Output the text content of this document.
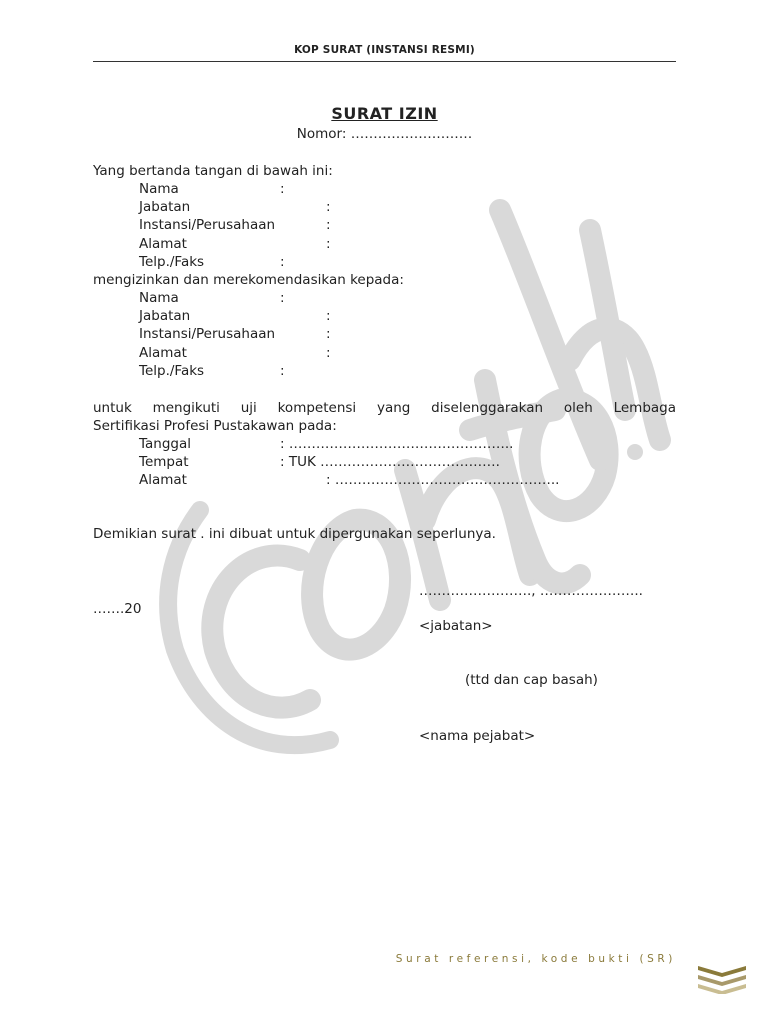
KOP SURAT (INSTANSI RESMI)
SURAT IZIN
Nomor: ………………………
Yang bertanda tangan di bawah ini:
Nama	:
Jabatan	:
Instansi/Perusahaan	:
Alamat	:
Telp./Faks	:
mengizinkan dan merekomendasikan kepada:
Nama	:
Jabatan	:
Instansi/Perusahaan	:
Alamat	:
Telp./Faks	:
untuk mengikuti uji kompetensi yang diselenggarakan oleh Lembaga
Sertifikasi Profesi Pustakawan pada:
Tanggal	: …………………………………………..
Tempat	: TUK ………………………………….
Alamat	: …………………………………………..
Demikian surat . ini dibuat untuk dipergunakan seperlunya.
……………………., …………………..
…….20
<jabatan>
(ttd dan cap basah)
<nama pejabat>
Surat referensi, kode bukti (SR)
